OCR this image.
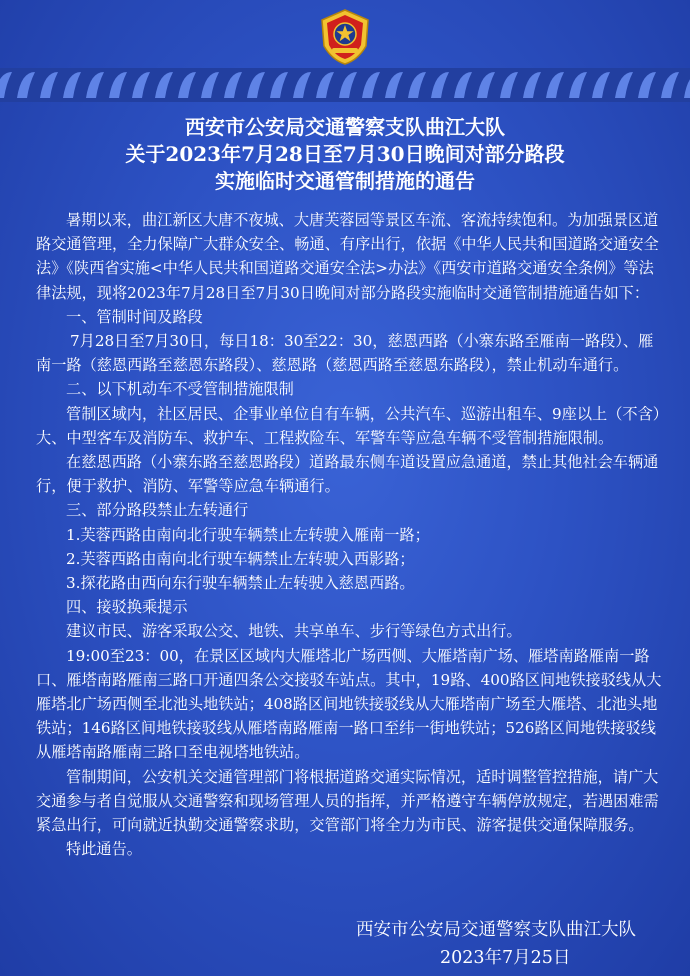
西安市公安局交通警察支队曲江大队
关于2023年7月28日至7月30日晚间对部分路段
实施临时交通管制措施的通告

暑期以来，曲江新区大唐不夜城、大唐芙蓉园等景区车流、客流持续饱和。为加强景区道路交通管理，全力保障广大群众安全、畅通、有序出行，依据《中华人民共和国道路交通安全法》《陕西省实施<中华人民共和国道路交通安全法>办法》《西安市道路交通安全条例》等法律法规，现将2023年7月28日至7月30日晚间对部分路段实施临时交通管制措施通告如下：

一、管制时间及路段

7月28日至7月30日，每日18：30至22：30，慈恩西路（小寨东路至雁南一路段）、雁南一路（慈恩西路至慈恩东路段）、慈恩路（慈恩西路至慈恩东路段），禁止机动车通行。

二、以下机动车不受管制措施限制

管制区域内，社区居民、企事业单位自有车辆，公共汽车、巡游出租车、9座以上（不含）大、中型客车及消防车、救护车、工程救险车、军警车等应急车辆不受管制措施限制。

在慈恩西路（小寨东路至慈恩路段）道路最东侧车道设置应急通道，禁止其他社会车辆通行，便于救护、消防、军警等应急车辆通行。

三、部分路段禁止左转通行

1.芙蓉西路由南向北行驶车辆禁止左转驶入雁南一路；

2.芙蓉西路由南向北行驶车辆禁止左转驶入西影路；

3.探花路由西向东行驶车辆禁止左转驶入慈恩西路。

四、接驳换乘提示

建议市民、游客采取公交、地铁、共享单车、步行等绿色方式出行。

19:00至23：00，在景区区域内大雁塔北广场西侧、大雁塔南广场、雁塔南路雁南一路口、雁塔南路雁南三路口开通四条公交接驳车站点。其中，19路、400路区间地铁接驳线从大雁塔北广场西侧至北池头地铁站；408路区间地铁接驳线从大雁塔南广场至大雁塔、北池头地铁站；146路区间地铁接驳线从雁塔南路雁南一路口至纬一街地铁站；526路区间地铁接驳线从雁塔南路雁南三路口至电视塔地铁站。

管制期间，公安机关交通管理部门将根据道路交通实际情况，适时调整管控措施，请广大交通参与者自觉服从交通警察和现场管理人员的指挥，并严格遵守车辆停放规定，若遇困难需紧急出行，可向就近执勤交通警察求助，交管部门将全力为市民、游客提供交通保障服务。

特此通告。

西安市公安局交通警察支队曲江大队
2023年7月25日
